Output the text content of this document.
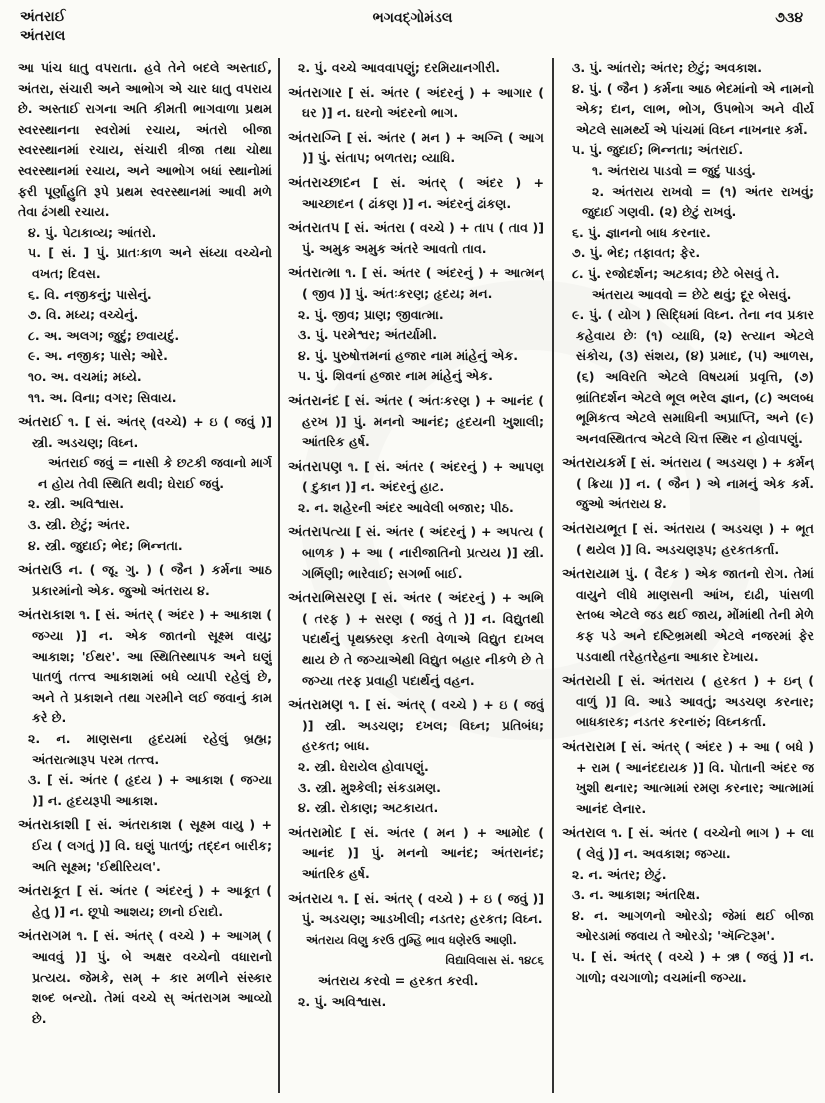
અંતરાઈ
અંતરાલ
ભગવદ્ગોમંડલ	૭૩૪

આ પાંચ ધાતુ વપરાતા. હવે તેને બદલે અસ્તાઈ, અંતરા, સંચારી અને આભોગ એ ચાર ધાતુ વપરાય છે. અસ્તાઈ રાગના અતિ કીમતી ભાગવાળા પ્રથમ સ્વરસ્થાનના સ્વરોમાં રચાય, અંતરો બીજા સ્વરસ્થાનમાં રચાય, સંચારી ત્રીજા તથા ચોથા સ્વરસ્થાનમાં રચાય, અને આભોગ બધાં સ્થાનોમાં ફરી પૂર્ણાહુતિ રૂપે પ્રથમ સ્વરસ્થાનમાં આવી મળે તેવા ઢંગથી રચાય.

૪. પું. પેટાકાવ્ય; આંતરો.

૫. [ સં. ] પું. પ્રાતઃકાળ અને સંધ્યા વચ્ચેનો વખત; દિવસ.

૬. વિ. નજીકનું; પાસેનું.

૭. વિ. મધ્ય; વચ્ચેનું.

૮. અ. અલગ; જુદું; છવાયદું.

૯. અ. નજીક; પાસે; ઓરે.

૧૦. અ. વચમાં; મધ્યે.

૧૧. અ. વિના; વગર; સિવાય.

અંતરાઈ ૧. [ સં. અંતર્ (વચ્ચે) + ઇ ( જવું )] સ્ત્રી. અડચણ; વિઘ્ન.

અંતરાઈ જવું = નાસી કે છટકી જવાનો માર્ગ ન હોય તેવી સ્થિતિ થવી; ઘેરાઈ જવું.

૨. સ્ત્રી. અવિશ્વાસ.

૩. સ્ત્રી. છેટું; અંતર.

૪. સ્ત્રી. જુદાઈ; ભેદ; ભિન્નતા.

અંતરાઉ ન. ( જૂ. ગુ. ) ( જૈન ) કર્મના આઠ પ્રકારમાંનો એક. જુઓ અંતરાય ૪.

અંતરાકાશ ૧. [ સં. અંતર્ ( અંદર ) + આકાશ ( જગ્યા )] ન. એક જાતનો સૂક્ષ્મ વાયુ; આકાશ; 'ઈથર'. આ સ્થિતિસ્થાપક અને ઘણું પાતળું તત્ત્વ આકાશમાં બધે વ્યાપી રહેલું છે, અને તે પ્રકાશને તથા ગરમીને લઈ જવાનું કામ કરે છે.

૨. ન. માણસના હૃદયમાં રહેલું બ્રહ્મ; અંતરાત્મારૂપ પરમ તત્ત્વ.

૩. [ સં. અંતર ( હૃદય ) + આકાશ ( જગ્યા )] ન. હૃદયરૂપી આકાશ.

અંતરાકાશી [ સં. અંતરાકાશ ( સૂક્ષ્મ વાયુ ) + ઈય ( લગતું )] વિ. ઘણું પાતળું; તદ્દન બારીક; અતિ સૂક્ષ્મ; 'ઈથીરિયલ'.

અંતરાકૂત [ સં. અંતર ( અંદરનું ) + આકૂત ( હેતુ )] ન. છૂપો આશય; છાનો ઈરાદો.

અંતરાગમ ૧. [ સં. અંતર્ ( વચ્ચે ) + આગમ્ ( આવવું )] પું. બે અક્ષર વચ્ચેનો વધારાનો પ્રત્યય. જેમકે, સમ્ + કાર મળીને સંસ્કાર શબ્દ બન્યો. તેમાં વચ્ચે સ્ અંતરાગમ આવ્યો છે.

૨. પું. વચ્ચે આવવાપણું; દરમિયાનગીરી.

અંતરાગાર [ સં. અંતર ( અંદરનું ) + આગાર ( ઘર )] ન. ઘરનો અંદરનો ભાગ.

અંતરાગ્નિ [ સં. અંતર ( મન ) + અગ્નિ ( આગ )] પું. સંતાપ; બળતરા; વ્યાધિ.

અંતરાચ્છાદન [ સં. અંતર્ ( અંદર ) + આચ્છાદન ( ઢાંકણ )] ન. અંદરનું ઢાંકણ.

અંતરાતપ [ સં. અંતરા ( વચ્ચે ) + તાપ ( તાવ )] પું. અમુક અમુક અંતરે આવતો તાવ.

અંતરાત્મા ૧. [ સં. અંતર ( અંદરનું ) + આત્મન્ ( જીવ )] પું. અંતઃકરણ; હૃદય; મન.

૨. પું. જીવ; પ્રાણ; જીવાત્મા.

૩. પું. પરમેશ્વર; અંતર્યામી.

૪. પું. પુરુષોત્તમનાં હજાર નામ માંહેનું એક.

૫. પું. શિવનાં હજાર નામ માંહેનું એક.

અંતરાનંદ [ સં. અંતર ( અંતઃકરણ ) + આનંદ ( હરખ )] પું. મનનો આનંદ; હૃદયની ખુશાલી; આંતરિક હર્ષ.

અંતરાપણ ૧. [ સં. અંતર ( અંદરનું ) + આપણ ( દુકાન )] ન. અંદરનું હાટ.

૨. ન. શહેરની અંદર આવેલી બજાર; પીઠ.

અંતરાપત્યા [ સં. અંતર ( અંદરનું ) + અપત્ય ( બાળક ) + આ ( નારીજાતિનો પ્રત્યય )] સ્ત્રી. ગર્ભિણી; ભારેવાઈ; સગર્ભા બાઈ.

અંતરાભિસરણ [ સં. અંતર ( અંદરનું ) + અભિ ( તરફ ) + સરણ ( જવું તે )] ન. વિદ્યુતથી પદાર્થનું પૃથક્કરણ કરતી વેળાએ વિદ્યુત દાખલ થાય છે તે જગ્યાએથી વિદ્યુત બહાર નીકળે છે તે જગ્યા તરફ પ્રવાહી પદાર્થનું વહન.

અંતરામણ ૧. [ સં. અંતર્ ( વચ્ચે ) + ઇ ( જવું )] સ્ત્રી. અડચણ; દખલ; વિઘ્ન; પ્રતિબંધ; હરકત; બાધ.

૨. સ્ત્રી. ઘેરાયેલ હોવાપણું.

૩. સ્ત્રી. મુશ્કેલી; સંકડામણ.

૪. સ્ત્રી. રોકાણ; અટકાયત.

અંતરામોદ [ સં. અંતર ( મન ) + આમોદ ( આનંદ )] પું. મનનો આનંદ; અંતરાનંદ; આંતરિક હર્ષ.

અંતરાય ૧. [ સં. અંતર્ ( વચ્ચે ) + ઇ ( જવું )] પું. અડચણ; આડખીલી; નડતર; હરકત; વિઘ્ન.

અંતરાય વિણુ કરઉ તુમ્હિ ભાવ ધણેરઉ આણી.
વિદ્યાવિલાસ સં. ૧૪૮૬

અંતરાય કરવો = હરકત કરવી.

૨. પું. અવિશ્વાસ.

૩. પું. આંતરો; અંતર; છેટું; અવકાશ.

૪. પું. ( જૈન ) કર્મના આઠ ભેદમાંનો એ નામનો એક; દાન, લાભ, ભોગ, ઉપભોગ અને વીર્ય એટલે સામર્થ્ય એ પાંચમાં વિઘ્ન નાખનાર કર્મ.

૫. પું. જુદાઈ; ભિન્નતા; અંતરાઈ.

૧. અંતરાય પાડવો = જુદું પાડવું.

૨. અંતરાય રાખવો = (૧) અંતર રાખવું; જુદાઈ ગણવી. (૨) છેટું રાખવું.

૬. પું. જ્ઞાનનો બાધ કરનાર.

૭. પું. ભેદ; તફાવત; ફેર.

૮. પું. રજોદર્શન; અટકાવ; છેટે બેસવું તે.

અંતરાય આવવો = છેટે થવું; દૂર બેસવું.

૯. પું. ( યોગ ) સિદ્ધિમાં વિઘ્ન. તેના નવ પ્રકાર કહેવાય છેઃ (૧) વ્યાધિ, (૨) સ્ત્યાન એટલે સંકોચ, (૩) સંશય, (૪) પ્રમાદ, (૫) આળસ, (૬) અવિરતિ એટલે વિષયમાં પ્રવૃત્તિ, (૭) ભ્રાંતિદર્શન એટલે ભૂલ ભરેલ જ્ઞાન, (૮) અલબ્ધ ભૂમિકત્વ એટલે સમાધિની અપ્રાપ્તિ, અને (૯) અનવસ્થિતત્વ એટલે ચિત્ત સ્થિર ન હોવાપણું.

અંતરાયકર્મ [ સં. અંતરાય ( અડચણ ) + કર્મન્ ( ક્રિયા )] ન. ( જૈન ) એ નામનું એક કર્મ. જુઓ અંતરાય ૪.

અંતરાયભૂત [ સં. અંતરાય ( અડચણ ) + ભૂત ( થયેલ )] વિ. અડચણરૂપ; હરકતકર્તા.

અંતરાયામ પું. ( વૈદક ) એક જાતનો રોગ. તેમાં વાયુને લીધે માણસની આંખ, દાઢી, પાંસળી સ્તબ્ધ એટલે જડ થઈ જાય, મોંમાંથી તેની મેળે કફ પડે અને દષ્ટિભ્રમથી એટલે નજરમાં ફેર પડવાથી તરેહતરેહના આકાર દેખાય.

અંતરાયી [ સં. અંતરાય ( હરકત ) + ઇન્ ( વાળું )] વિ. આડે આવતું; અડચણ કરનાર; બાધકારક; નડતર કરનારું; વિઘ્નકર્તા.

અંતરારામ [ સં. અંતર્ ( અંદર ) + આ ( બધે ) + રામ ( આનંદદાયક )] વિ. પોતાની અંદર જ ખુશી થનાર; આત્મામાં રમણ કરનાર; આત્મામાં આનંદ લેનાર.

અંતરાલ ૧. [ સં. અંતર ( વચ્ચેનો ભાગ ) + લા ( લેવું )] ન. અવકાશ; જગ્યા.

૨. ન. અંતર; છેટું.

૩. ન. આકાશ; અંતરિક્ષ.

૪. ન. આગળનો ઓરડો; જેમાં થઈ બીજા ઓરડામાં જવાય તે ઓરડો; 'ઍન્ટિરૂમ'.

૫. [ સં. અંતર્ ( વચ્ચે ) + ઋ ( જવું )] ન. ગાળો; વચગાળો; વચમાંની જગ્યા.
